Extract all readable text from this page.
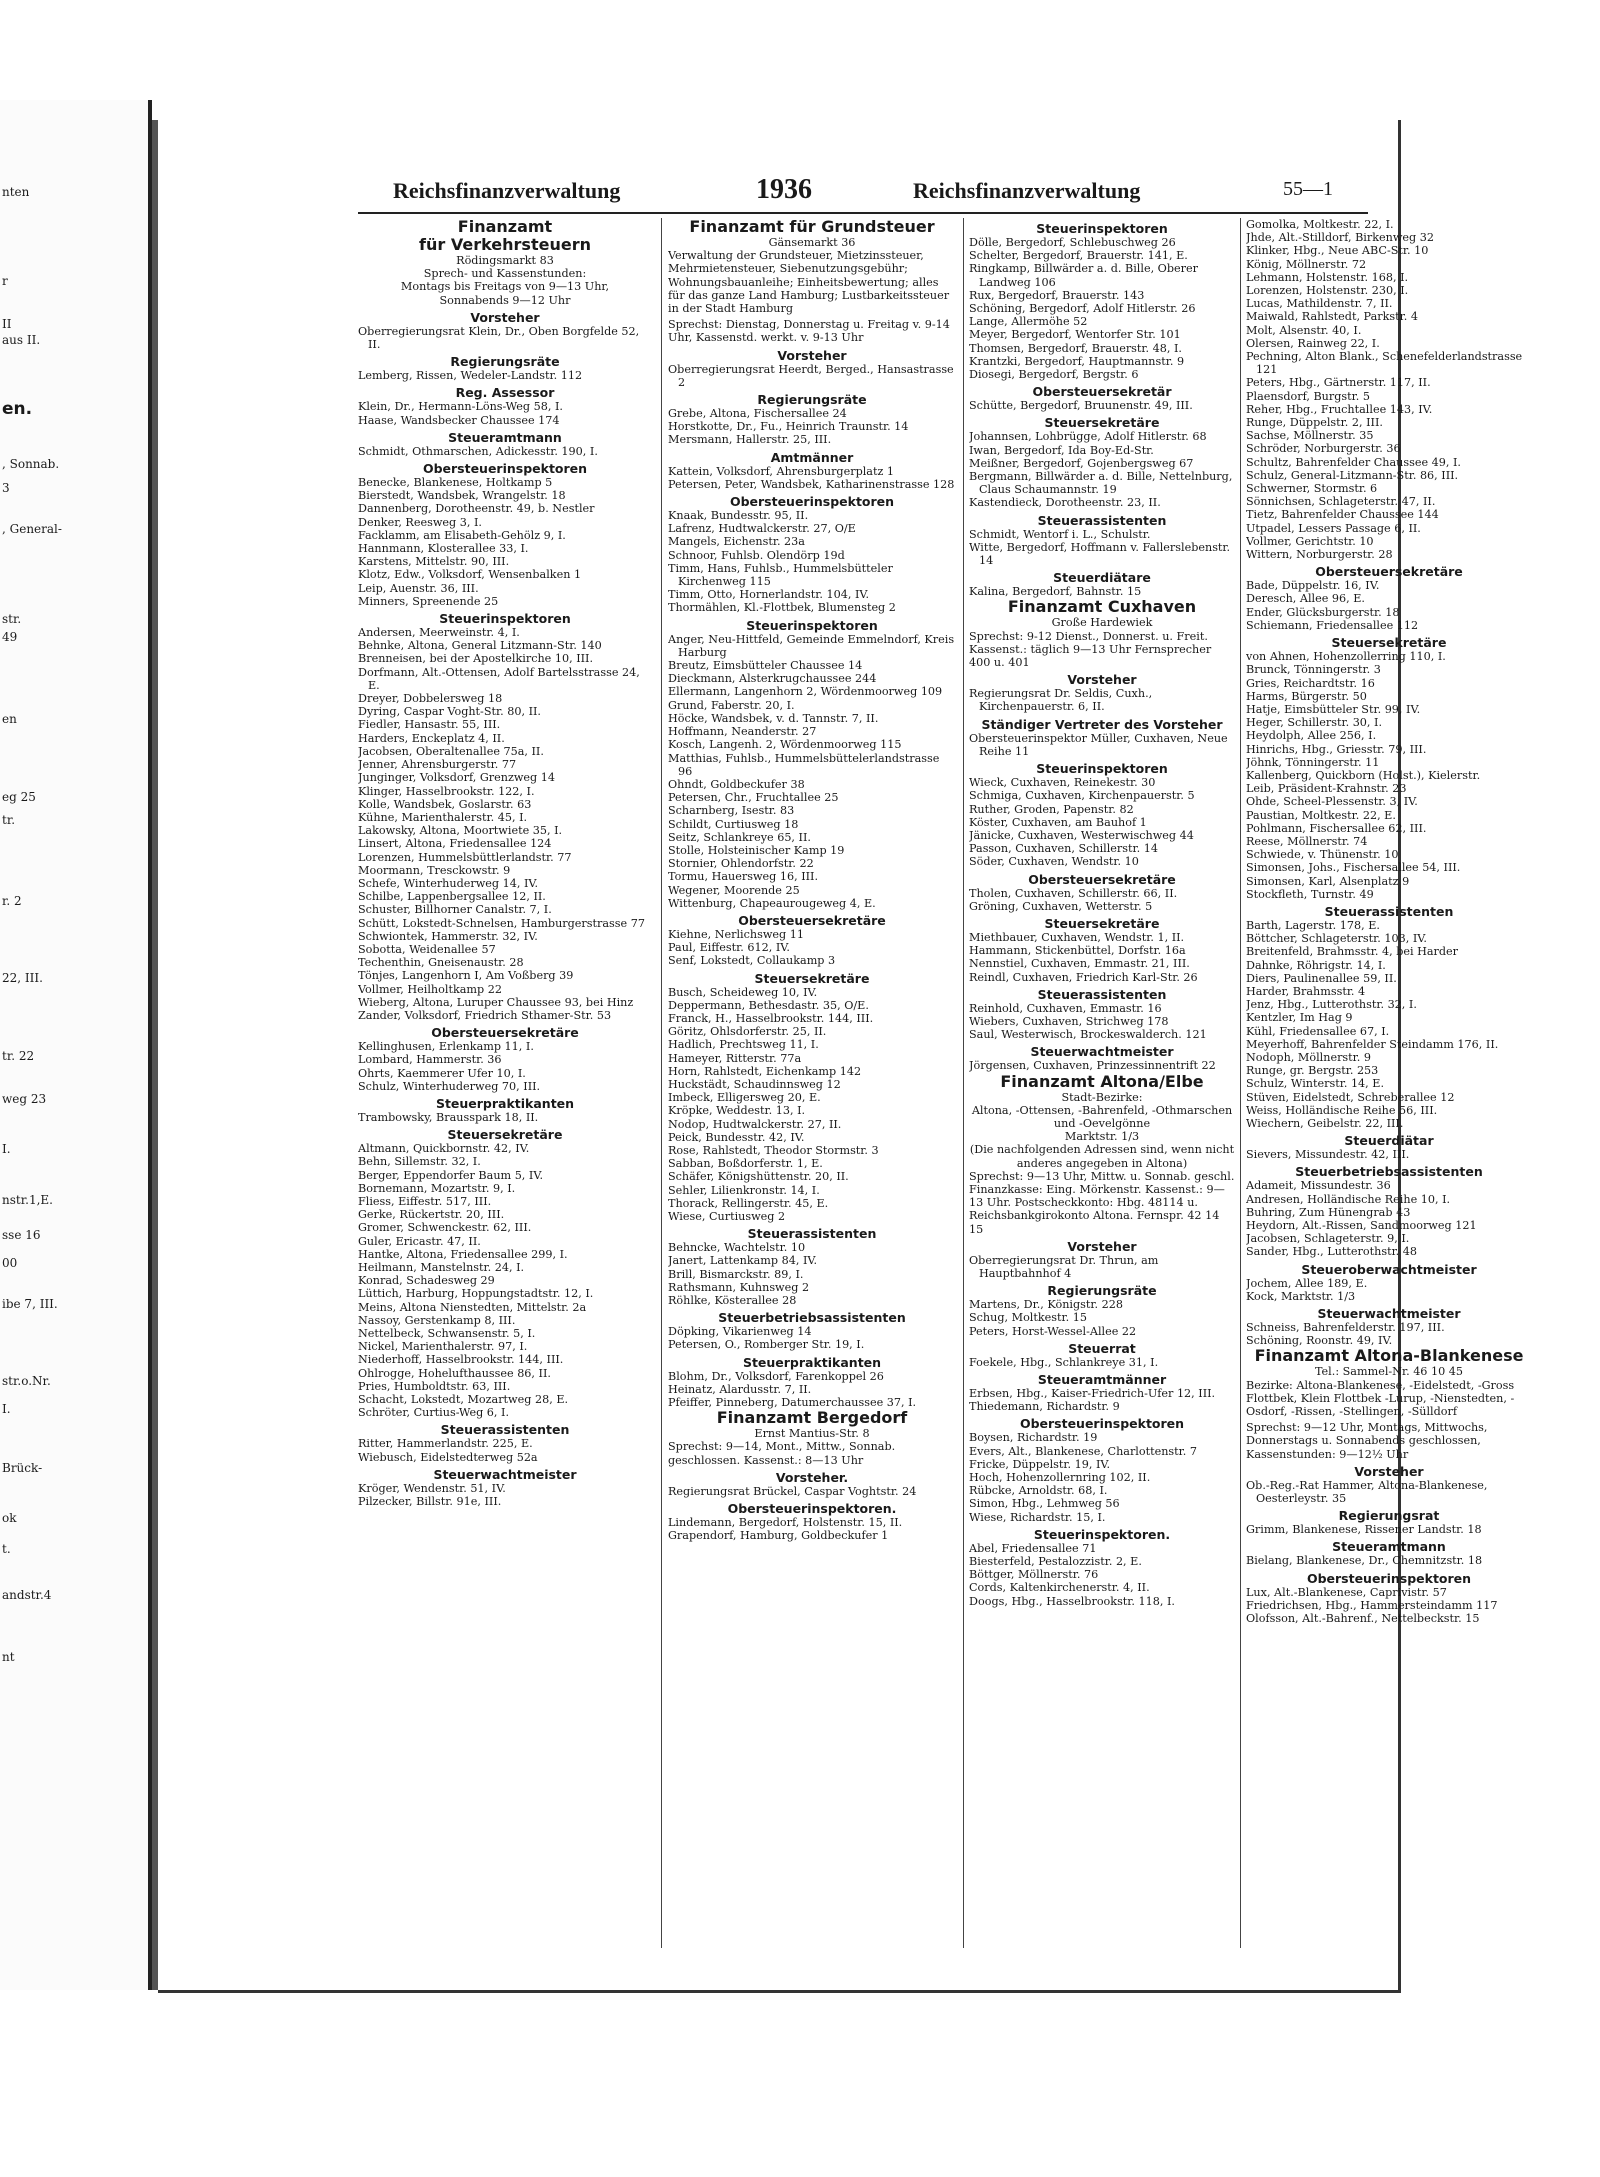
nten
r
II
aus II.
en.
, Sonnab.
3
, General-
str.
49
en
eg 25
tr.
r. 2
22, III.
tr. 22
weg 23
I.
nstr.1,E.
sse 16
00
ibe 7, III.
str.o.Nr.
I.
Brück-
ok
t.
andstr.4
nt
Reichsfinanzverwaltung	1936	Reichsfinanzverwaltung	55—1
Finanzamt
für Verkehrsteuern
Rödingsmarkt 83
Sprech- und Kassenstunden:
Montags bis Freitags von 9—13 Uhr,
Sonnabends 9—12 Uhr
Vorsteher
Oberregierungsrat Klein, Dr., Oben Borgfelde 52, II.
Regierungsräte
Lemberg, Rissen, Wedeler-Landstr. 112
Reg. Assessor
Klein, Dr., Hermann-Löns-Weg 58, I.
Haase, Wandsbecker Chaussee 174
Steueramtmann
Schmidt, Othmarschen, Adickesstr. 190, I.
Obersteuerinspektoren
Benecke, Blankenese, Holtkamp 5
Bierstedt, Wandsbek, Wrangelstr. 18
Dannenberg, Dorotheenstr. 49, b. Nestler
Denker, Reesweg 3, I.
Facklamm, am Elisabeth-Gehölz 9, I.
Hannmann, Klosterallee 33, I.
Karstens, Mittelstr. 90, III.
Klotz, Edw., Volksdorf, Wensenbalken 1
Leip, Auenstr. 36, III.
Minners, Spreenende 25
Steuerinspektoren
Andersen, Meerweinstr. 4, I.
Behnke, Altona, General Litzmann-Str. 140
Brenneisen, bei der Apostelkirche 10, III.
Dorfmann, Alt.-Ottensen, Adolf Bartelsstrasse 24, E.
Dreyer, Dobbelersweg 18
Dyring, Caspar Voght-Str. 80, II.
Fiedler, Hansastr. 55, III.
Harders, Enckeplatz 4, II.
Jacobsen, Oberaltenallee 75a, II.
Jenner, Ahrensburgerstr. 77
Junginger, Volksdorf, Grenzweg 14
Klinger, Hasselbrookstr. 122, I.
Kolle, Wandsbek, Goslarstr. 63
Kühne, Marienthalerstr. 45, I.
Lakowsky, Altona, Moortwiete 35, I.
Linsert, Altona, Friedensallee 124
Lorenzen, Hummelsbüttlerlandstr. 77
Moormann, Tresckowstr. 9
Schefe, Winterhuderweg 14, IV.
Schilbe, Lappenbergsallee 12, II.
Schuster, Billhorner Canalstr. 7, I.
Schütt, Lokstedt-Schnelsen, Hamburgerstrasse 77
Schwiontek, Hammerstr. 32, IV.
Sobotta, Weidenallee 57
Techenthin, Gneisenaustr. 28
Tönjes, Langenhorn I, Am Voßberg 39
Vollmer, Heilholtkamp 22
Wieberg, Altona, Luruper Chaussee 93, bei Hinz
Zander, Volksdorf, Friedrich Sthamer-Str. 53
Obersteuersekretäre
Kellinghusen, Erlenkamp 11, I.
Lombard, Hammerstr. 36
Ohrts, Kaemmerer Ufer 10, I.
Schulz, Winterhuderweg 70, III.
Steuerpraktikanten
Trambowsky, Brausspark 18, II.
Steuersekretäre
Altmann, Quickbornstr. 42, IV.
Behn, Sillemstr. 32, I.
Berger, Eppendorfer Baum 5, IV.
Bornemann, Mozartstr. 9, I.
Fliess, Eiffestr. 517, III.
Gerke, Rückertstr. 20, III.
Gromer, Schwenckestr. 62, III.
Guler, Ericastr. 47, II.
Hantke, Altona, Friedensallee 299, I.
Heilmann, Manstelnstr. 24, I.
Konrad, Schadesweg 29
Lüttich, Harburg, Hoppungstadtstr. 12, I.
Meins, Altona Nienstedten, Mittelstr. 2a
Nassoy, Gerstenkamp 8, III.
Nettelbeck, Schwansenstr. 5, I.
Nickel, Marienthalerstr. 97, I.
Niederhoff, Hasselbrookstr. 144, III.
Ohlrogge, Hohelufthaussee 86, II.
Pries, Humboldtstr. 63, III.
Schacht, Lokstedt, Mozartweg 28, E.
Schröter, Curtius-Weg 6, I.
Steuerassistenten
Ritter, Hammerlandstr. 225, E.
Wiebusch, Eidelstedterweg 52a
Steuerwachtmeister
Kröger, Wendenstr. 51, IV.
Pilzecker, Billstr. 91e, III.
Finanzamt für Grundsteuer
Gänsemarkt 36
Verwaltung der Grundsteuer, Mietzinssteuer, Mehrmietensteuer, Siebenutzungsgebühr; Wohnungsbauanleihe; Einheitsbewertung; alles für das ganze Land Hamburg; Lustbarkeitssteuer in der Stadt Hamburg
Sprechst: Dienstag, Donnerstag u. Freitag v. 9-14 Uhr, Kassenstd. werkt. v. 9-13 Uhr
Vorsteher
Oberregierungsrat Heerdt, Berged., Hansastrasse 2
Regierungsräte
Grebe, Altona, Fischersallee 24
Horstkotte, Dr., Fu., Heinrich Traunstr. 14
Mersmann, Hallerstr. 25, III.
Amtmänner
Kattein, Volksdorf, Ahrensburgerplatz 1
Petersen, Peter, Wandsbek, Katharinenstrasse 128
Obersteuerinspektoren
Knaak, Bundesstr. 95, II.
Lafrenz, Hudtwalckerstr. 27, O/E
Mangels, Eichenstr. 23a
Schnoor, Fuhlsb. Olendörp 19d
Timm, Hans, Fuhlsb., Hummelsbütteler Kirchenweg 115
Timm, Otto, Hornerlandstr. 104, IV.
Thormählen, Kl.-Flottbek, Blumensteg 2
Steuerinspektoren
Anger, Neu-Hittfeld, Gemeinde Emmelndorf, Kreis Harburg
Breutz, Eimsbütteler Chaussee 14
Dieckmann, Alsterkrugchaussee 244
Ellermann, Langenhorn 2, Wördenmoorweg 109
Grund, Faberstr. 20, I.
Höcke, Wandsbek, v. d. Tannstr. 7, II.
Hoffmann, Neanderstr. 27
Kosch, Langenh. 2, Wördenmoorweg 115
Matthias, Fuhlsb., Hummelsbüttelerlandstrasse 96
Ohndt, Goldbeckufer 38
Petersen, Chr., Fruchtallee 25
Scharnberg, Isestr. 83
Schildt, Curtiusweg 18
Seitz, Schlankreye 65, II.
Stolle, Holsteinischer Kamp 19
Stornier, Ohlendorfstr. 22
Tormu, Hauersweg 16, III.
Wegener, Moorende 25
Wittenburg, Chapeaurougeweg 4, E.
Obersteuersekretäre
Kiehne, Nerlichsweg 11
Paul, Eiffestr. 612, IV.
Senf, Lokstedt, Collaukamp 3
Steuersekretäre
Busch, Scheideweg 10, IV.
Deppermann, Bethesdastr. 35, O/E.
Franck, H., Hasselbrookstr. 144, III.
Göritz, Ohlsdorferstr. 25, II.
Hadlich, Prechtsweg 11, I.
Hameyer, Ritterstr. 77a
Horn, Rahlstedt, Eichenkamp 142
Huckstädt, Schaudinnsweg 12
Imbeck, Elligersweg 20, E.
Kröpke, Weddestr. 13, I.
Nodop, Hudtwalckerstr. 27, II.
Peick, Bundesstr. 42, IV.
Rose, Rahlstedt, Theodor Stormstr. 3
Sabban, Boßdorferstr. 1, E.
Schäfer, Königshüttenstr. 20, II.
Sehler, Lilienkronstr. 14, I.
Thorack, Rellingerstr. 45, E.
Wiese, Curtiusweg 2
Steuerassistenten
Behncke, Wachtelstr. 10
Janert, Lattenkamp 84, IV.
Brill, Bismarckstr. 89, I.
Rathsmann, Kuhnsweg 2
Röhlke, Kösterallee 28
Steuerbetriebsassistenten
Döpking, Vikarienweg 14
Petersen, O., Romberger Str. 19, I.
Steuerpraktikanten
Blohm, Dr., Volksdorf, Farenkoppel 26
Heinatz, Alardusstr. 7, II.
Pfeiffer, Pinneberg, Datumerchaussee 37, I.
Finanzamt Bergedorf
Ernst Mantius-Str. 8
Sprechst: 9—14, Mont., Mittw., Sonnab. geschlossen. Kassenst.: 8—13 Uhr
Vorsteher.
Regierungsrat Brückel, Caspar Voghtstr. 24
Obersteuerinspektoren.
Lindemann, Bergedorf, Holstenstr. 15, II.
Grapendorf, Hamburg, Goldbeckufer 1
Steuerinspektoren
Dölle, Bergedorf, Schlebuschweg 26
Schelter, Bergedorf, Brauerstr. 141, E.
Ringkamp, Billwärder a. d. Bille, Oberer Landweg 106
Rux, Bergedorf, Brauerstr. 143
Schöning, Bergedorf, Adolf Hitlerstr. 26
Lange, Allermöhe 52
Meyer, Bergedorf, Wentorfer Str. 101
Thomsen, Bergedorf, Brauerstr. 48, I.
Krantzki, Bergedorf, Hauptmannstr. 9
Diosegi, Bergedorf, Bergstr. 6
Obersteuersekretär
Schütte, Bergedorf, Bruunenstr. 49, III.
Steuersekretäre
Johannsen, Lohbrügge, Adolf Hitlerstr. 68
Iwan, Bergedorf, Ida Boy-Ed-Str.
Meißner, Bergedorf, Gojenbergsweg 67
Bergmann, Billwärder a. d. Bille, Nettelnburg, Claus Schaumannstr. 19
Kastendieck, Dorotheenstr. 23, II.
Steuerassistenten
Schmidt, Wentorf i. L., Schulstr.
Witte, Bergedorf, Hoffmann v. Fallerslebenstr. 14
Steuerdiätare
Kalina, Bergedorf, Bahnstr. 15
Finanzamt Cuxhaven
Große Hardewiek
Sprechst: 9-12 Dienst., Donnerst. u. Freit. Kassenst.: täglich 9—13 Uhr Fernsprecher 400 u. 401
Vorsteher
Regierungsrat Dr. Seldis, Cuxh., Kirchenpauerstr. 6, II.
Ständiger Vertreter des Vorsteher
Obersteuerinspektor Müller, Cuxhaven, Neue Reihe 11
Steuerinspektoren
Wieck, Cuxhaven, Reinekestr. 30
Schmiga, Cuxhaven, Kirchenpauerstr. 5
Ruther, Groden, Papenstr. 82
Köster, Cuxhaven, am Bauhof 1
Jänicke, Cuxhaven, Westerwischweg 44
Passon, Cuxhaven, Schillerstr. 14
Söder, Cuxhaven, Wendstr. 10
Obersteuersekretäre
Tholen, Cuxhaven, Schillerstr. 66, II.
Gröning, Cuxhaven, Wetterstr. 5
Steuersekretäre
Miethbauer, Cuxhaven, Wendstr. 1, II.
Hammann, Stickenbüttel, Dorfstr. 16a
Nennstiel, Cuxhaven, Emmastr. 21, III.
Reindl, Cuxhaven, Friedrich Karl-Str. 26
Steuerassistenten
Reinhold, Cuxhaven, Emmastr. 16
Wiebers, Cuxhaven, Strichweg 178
Saul, Westerwisch, Brockeswalderch. 121
Steuerwachtmeister
Jörgensen, Cuxhaven, Prinzessinnentrift 22
Finanzamt Altona/Elbe
Stadt-Bezirke:
Altona, -Ottensen, -Bahrenfeld, -Othmarschen und -Oevelgönne
Marktstr. 1/3
(Die nachfolgenden Adressen sind, wenn nicht anderes angegeben in Altona)
Sprechst: 9—13 Uhr, Mittw. u. Sonnab. geschl. Finanzkasse: Eing. Mörkenstr. Kassenst.: 9—13 Uhr. Postscheckkonto: Hbg. 48114 u. Reichsbankgirokonto Altona. Fernspr. 42 14 15
Vorsteher
Oberregierungsrat Dr. Thrun, am Hauptbahnhof 4
Regierungsräte
Martens, Dr., Königstr. 228
Schug, Moltkestr. 15
Peters, Horst-Wessel-Allee 22
Steuerrat
Foekele, Hbg., Schlankreye 31, I.
Steueramtmänner
Erbsen, Hbg., Kaiser-Friedrich-Ufer 12, III.
Thiedemann, Richardstr. 9
Obersteuerinspektoren
Boysen, Richardstr. 19
Evers, Alt., Blankenese, Charlottenstr. 7
Fricke, Düppelstr. 19, IV.
Hoch, Hohenzollernring 102, II.
Rübcke, Arnoldstr. 68, I.
Simon, Hbg., Lehmweg 56
Wiese, Richardstr. 15, I.
Steuerinspektoren.
Abel, Friedensallee 71
Biesterfeld, Pestalozzistr. 2, E.
Böttger, Möllnerstr. 76
Cords, Kaltenkirchenerstr. 4, II.
Doogs, Hbg., Hasselbrookstr. 118, I.
Gomolka, Moltkestr. 22, I.
Jhde, Alt.-Stilldorf, Birkenweg 32
Klinker, Hbg., Neue ABC-Str. 10
König, Möllnerstr. 72
Lehmann, Holstenstr. 168, I.
Lorenzen, Holstenstr. 230, I.
Lucas, Mathildenstr. 7, II.
Maiwald, Rahlstedt, Parkstr. 4
Molt, Alsenstr. 40, I.
Olersen, Rainweg 22, I.
Pechning, Alton Blank., Schenefelderlandstrasse 121
Peters, Hbg., Gärtnerstr. 117, II.
Plaensdorf, Burgstr. 5
Reher, Hbg., Fruchtallee 143, IV.
Runge, Düppelstr. 2, III.
Sachse, Möllnerstr. 35
Schröder, Norburgerstr. 36
Schultz, Bahrenfelder Chaussee 49, I.
Schulz, General-Litzmann-Str. 86, III.
Schwerner, Stormstr. 6
Sönnichsen, Schlageterstr. 47, II.
Tietz, Bahrenfelder Chaussee 144
Utpadel, Lessers Passage 6, II.
Vollmer, Gerichtstr. 10
Wittern, Norburgerstr. 28
Obersteuersekretäre
Bade, Düppelstr. 16, IV.
Deresch, Allee 96, E.
Ender, Glücksburgerstr. 18
Schiemann, Friedensallee 112
Steuersekretäre
von Ahnen, Hohenzollerring 110, I.
Brunck, Tönningerstr. 3
Gries, Reichardtstr. 16
Harms, Bürgerstr. 50
Hatje, Eimsbütteler Str. 99, IV.
Heger, Schillerstr. 30, I.
Heydolph, Allee 256, I.
Hinrichs, Hbg., Griesstr. 79, III.
Jöhnk, Tönningerstr. 11
Kallenberg, Quickborn (Holst.), Kielerstr.
Leib, Präsident-Krahnstr. 23
Ohde, Scheel-Plessenstr. 3, IV.
Paustian, Moltkestr. 22, E.
Pohlmann, Fischersallee 62, III.
Reese, Möllnerstr. 74
Schwiede, v. Thünenstr. 10
Simonsen, Johs., Fischersallee 54, III.
Simonsen, Karl, Alsenplatz 9
Stockfleth, Turnstr. 49
Steuerassistenten
Barth, Lagerstr. 178, E.
Böttcher, Schlageterstr. 103, IV.
Breitenfeld, Brahmsstr. 4, bei Harder
Dahnke, Röhrigstr. 14, I.
Diers, Paulinenallee 59, II.
Harder, Brahmsstr. 4
Jenz, Hbg., Lutterothstr. 32, I.
Kentzler, Im Hag 9
Kühl, Friedensallee 67, I.
Meyerhoff, Bahrenfelder Steindamm 176, II.
Nodoph, Möllnerstr. 9
Runge, gr. Bergstr. 253
Schulz, Winterstr. 14, E.
Stüven, Eidelstedt, Schreberallee 12
Weiss, Holländische Reihe 56, III.
Wiechern, Geibelstr. 22, III.
Steuerdiätar
Sievers, Missundestr. 42, III.
Steuerbetriebsassistenten
Adameit, Missundestr. 36
Andresen, Holländische Reihe 10, I.
Buhring, Zum Hünengrab 43
Heydorn, Alt.-Rissen, Sandmoorweg 121
Jacobsen, Schlageterstr. 9, I.
Sander, Hbg., Lutterothstr. 48
Steueroberwachtmeister
Jochem, Allee 189, E.
Kock, Marktstr. 1/3
Steuerwachtmeister
Schneiss, Bahrenfelderstr. 197, III.
Schöning, Roonstr. 49, IV.
Finanzamt Altona-Blankenese
Tel.: Sammel-Nr. 46 10 45
Bezirke: Altona-Blankenese, -Eidelstedt, -Gross Flottbek, Klein Flottbek -Lurup, -Nienstedten, -Osdorf, -Rissen, -Stellingen, -Sülldorf
Sprechst: 9—12 Uhr, Montags, Mittwochs, Donnerstags u. Sonnabends geschlossen, Kassenstunden: 9—12½ Uhr
Vorsteher
Ob.-Reg.-Rat Hammer, Altona-Blankenese, Oesterleystr. 35
Regierungsrat
Grimm, Blankenese, Rissener Landstr. 18
Steueramtmann
Bielang, Blankenese, Dr., Chemnitzstr. 18
Obersteuerinspektoren
Lux, Alt.-Blankenese, Caprivistr. 57
Friedrichsen, Hbg., Hammersteindamm 117
Olofsson, Alt.-Bahrenf., Nettelbeckstr. 15
